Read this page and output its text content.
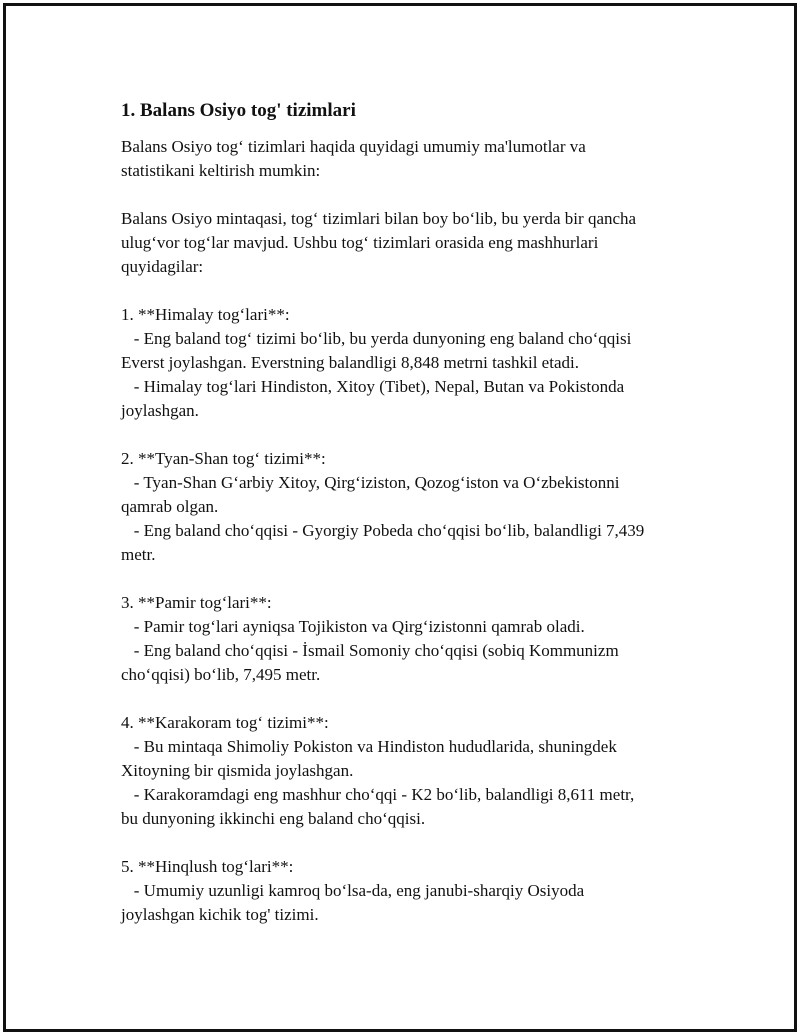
1. Balans Osiyo tog' tizimlari

Balans Osiyo tog‘ tizimlari haqida quyidagi umumiy ma'lumotlar va

statistikani keltirish mumkin:

Balans Osiyo mintaqasi, tog‘ tizimlari bilan boy bo‘lib, bu yerda bir qancha

ulug‘vor tog‘lar mavjud. Ushbu tog‘ tizimlari orasida eng mashhurlari

quyidagilar:

1. **Himalay tog‘lari**:

- Eng baland tog‘ tizimi bo‘lib, bu yerda dunyoning eng baland cho‘qqisi

Everst joylashgan. Everstning balandligi 8,848 metrni tashkil etadi.

- Himalay tog‘lari Hindiston, Xitoy (Tibet), Nepal, Butan va Pokistonda

joylashgan.

2. **Tyan-Shan tog‘ tizimi**:

- Tyan-Shan G‘arbiy Xitoy, Qirg‘iziston, Qozog‘iston va O‘zbekistonni

qamrab olgan.

- Eng baland cho‘qqisi - Gyorgiy Pobeda cho‘qqisi bo‘lib, balandligi 7,439

metr.

3. **Pamir tog‘lari**:

- Pamir tog‘lari ayniqsa Tojikiston va Qirg‘izistonni qamrab oladi.

- Eng baland cho‘qqisi - İsmail Somoniy cho‘qqisi (sobiq Kommunizm

cho‘qqisi) bo‘lib, 7,495 metr.

4. **Karakoram tog‘ tizimi**:

- Bu mintaqa Shimoliy Pokiston va Hindiston hududlarida, shuningdek

Xitoyning bir qismida joylashgan.

- Karakoramdagi eng mashhur cho‘qqi - K2 bo‘lib, balandligi 8,611 metr,

bu dunyoning ikkinchi eng baland cho‘qqisi.

5. **Hinqlush tog‘lari**:

- Umumiy uzunligi kamroq bo‘lsa-da, eng janubi-sharqiy Osiyoda

joylashgan kichik tog' tizimi.
